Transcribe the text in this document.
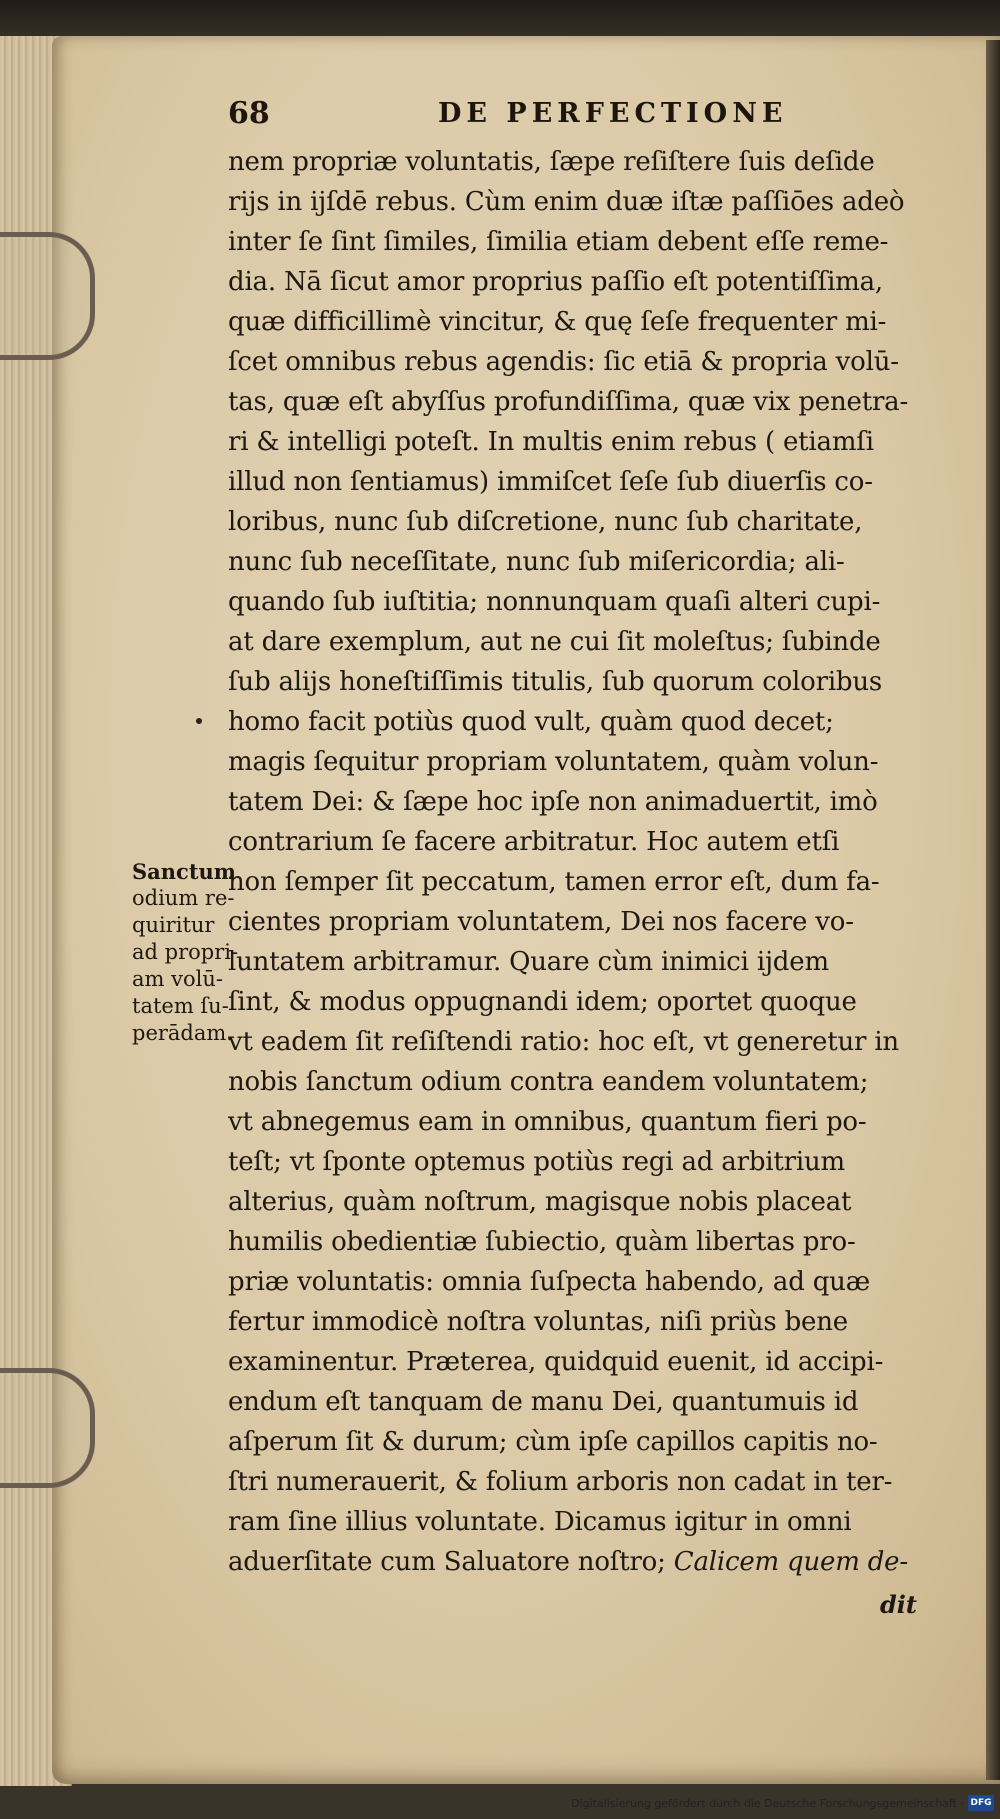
68	DE PERFECTIONE
nem propriæ voluntatis, ſæpe reſiſtere ſuis deſide
rijs in ijſdē rebus. Cùm enim duæ iſtæ paſſiōes adeò
inter ſe ſint ſimiles, ſimilia etiam debent eſſe reme-
dia. Nā ſicut amor proprius paſſio eſt potentiſſima,
quæ difficillimè vincitur, & quę ſeſe frequenter mi-
ſcet omnibus rebus agendis: ſic etiā & propria volū-
tas, quæ eſt abyſſus profundiſſima, quæ vix penetra-
ri & intelligi poteſt. In multis enim rebus ( etiamſi
illud non ſentiamus) immiſcet ſeſe ſub diuerſis co-
loribus, nunc ſub diſcretione, nunc ſub charitate,
nunc ſub neceſſitate, nunc ſub miſericordia; ali-
quando ſub iuſtitia; nonnunquam quaſi alteri cupi-
at dare exemplum, aut ne cui ſit moleſtus; ſubinde
ſub alijs honeſtiſſimis titulis, ſub quorum coloribus
homo facit potiùs quod vult, quàm quod decet;
magis ſequitur propriam voluntatem, quàm volun-
tatem Dei: & ſæpe hoc ipſe non animaduertit, imò
contrarium ſe facere arbitratur. Hoc autem etſi
non ſemper ſit peccatum, tamen error eſt, dum fa-
cientes propriam voluntatem, Dei nos facere vo-
luntatem arbitramur. Quare cùm inimici ijdem
ſint, & modus oppugnandi idem; oportet quoque
vt eadem ſit reſiſtendi ratio: hoc eſt, vt generetur in
nobis ſanctum odium contra eandem voluntatem;
vt abnegemus eam in omnibus, quantum fieri po-
teſt; vt ſponte optemus potiùs regi ad arbitrium
alterius, quàm noſtrum, magisque nobis placeat
humilis obedientiæ ſubiectio, quàm libertas pro-
priæ voluntatis: omnia ſuſpecta habendo, ad quæ
fertur immodicè noſtra voluntas, niſi priùs bene
examinentur. Præterea, quidquid euenit, id accipi-
endum eſt tanquam de manu Dei, quantumuis id
aſperum ſit & durum; cùm ipſe capillos capitis no-
ſtri numerauerit, & folium arboris non cadat in ter-
ram ſine illius voluntate. Dicamus igitur in omni
aduerſitate cum Saluatore noſtro; Calicem quem de-
dit
Sanctum
odium re-
quiritur
ad propri-
am volū-
tatem ſu-
perādam.
Digitalisierung gefördert durch die Deutsche Forschungsgemeinschaft · DFG
